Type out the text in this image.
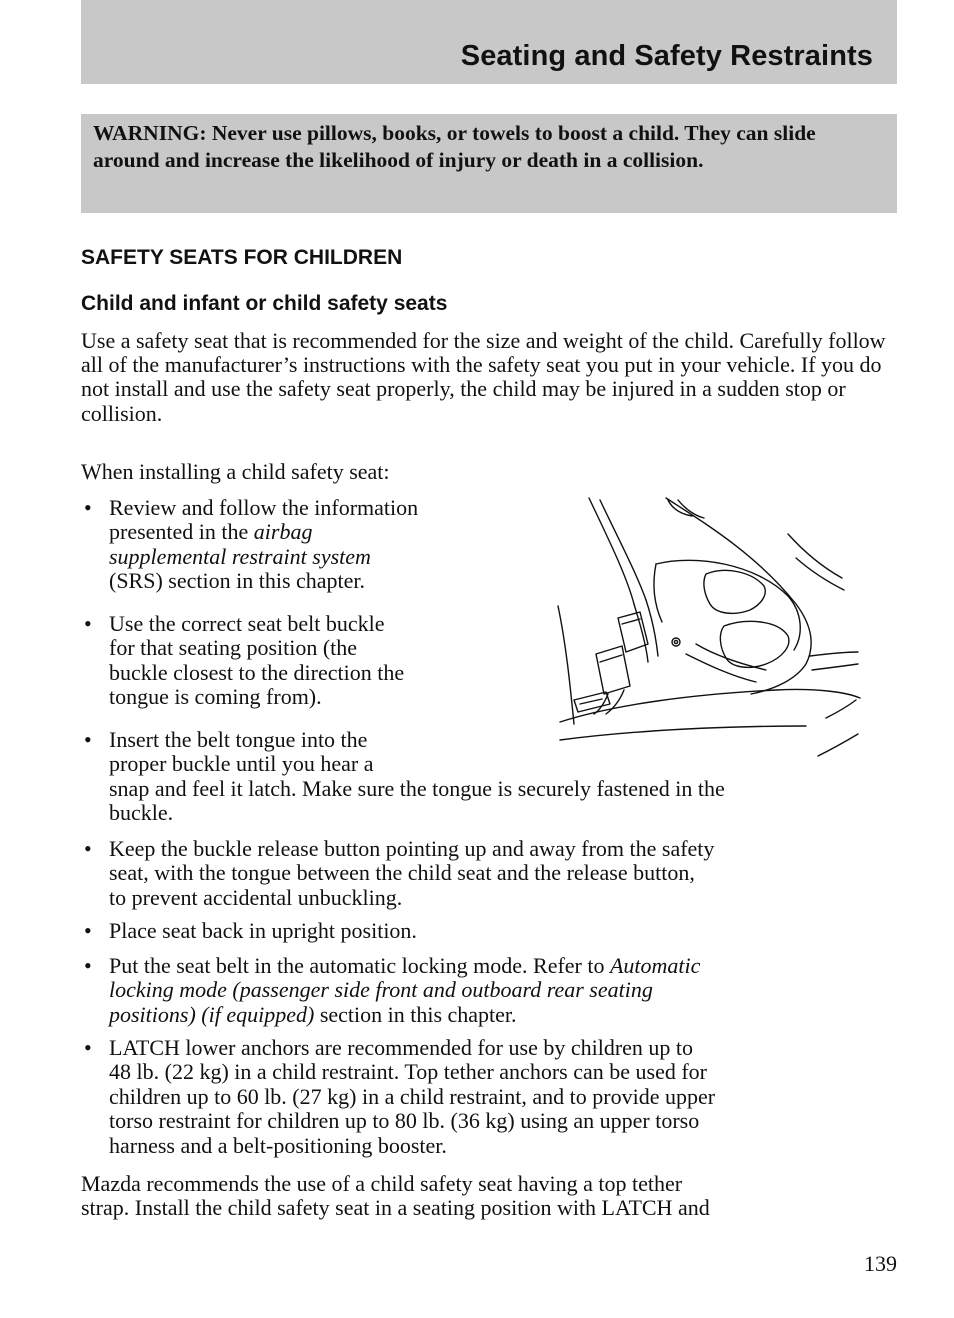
Seating and Safety Restraints
WARNING: Never use pillows, books, or towels to boost a child. They can slide around and increase the likelihood of injury or death in a collision.
SAFETY SEATS FOR CHILDREN
Child and infant or child safety seats
Use a safety seat that is recommended for the size and weight of the child. Carefully follow all of the manufacturer’s instructions with the safety seat you put in your vehicle. If you do not install and use the safety seat properly, the child may be injured in a sudden stop or collision.
When installing a child safety seat:
• Review and follow the information
presented in the airbag
supplemental restraint system
(SRS) section in this chapter.
• Use the correct seat belt buckle
for that seating position (the
buckle closest to the direction the
tongue is coming from).
• Insert the belt tongue into the
proper buckle until you hear a
snap and feel it latch. Make sure the tongue is securely fastened in the
buckle.
• Keep the buckle release button pointing up and away from the safety
seat, with the tongue between the child seat and the release button,
to prevent accidental unbuckling.
• Place seat back in upright position.
• Put the seat belt in the automatic locking mode. Refer to Automatic
locking mode (passenger side front and outboard rear seating
positions) (if equipped) section in this chapter.
• LATCH lower anchors are recommended for use by children up to
48 lb. (22 kg) in a child restraint. Top tether anchors can be used for
children up to 60 lb. (27 kg) in a child restraint, and to provide upper
torso restraint for children up to 80 lb. (36 kg) using an upper torso
harness and a belt-positioning booster.
Mazda recommends the use of a child safety seat having a top tether
strap. Install the child safety seat in a seating position with LATCH and
139
